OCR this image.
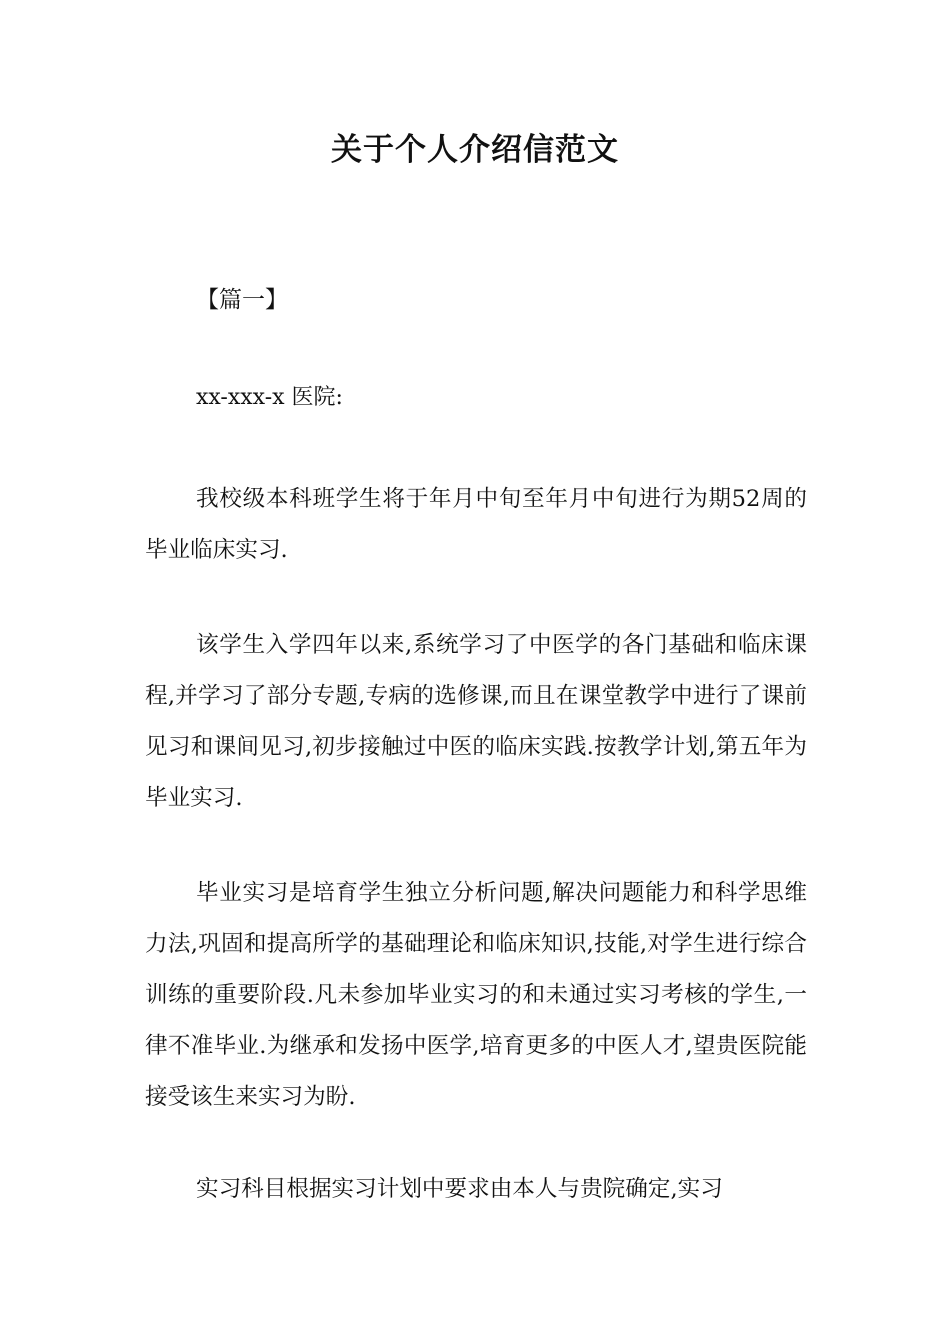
关于个人介绍信范文
【篇一】
xx-xxx-x 医院:

我校级本科班学生将于年月中旬至年月中旬进行为期52周的毕业临床实习.

该学生入学四年以来,系统学习了中医学的各门基础和临床课程,并学习了部分专题,专病的选修课,而且在课堂教学中进行了课前见习和课间见习,初步接触过中医的临床实践.按教学计划,第五年为毕业实习.

毕业实习是培育学生独立分析问题,解决问题能力和科学思维力法,巩固和提高所学的基础理论和临床知识,技能,对学生进行综合训练的重要阶段.凡未参加毕业实习的和未通过实习考核的学生,一律不准毕业.为继承和发扬中医学,培育更多的中医人才,望贵医院能接受该生来实习为盼.

实习科目根据实习计划中要求由本人与贵院确定,实习
